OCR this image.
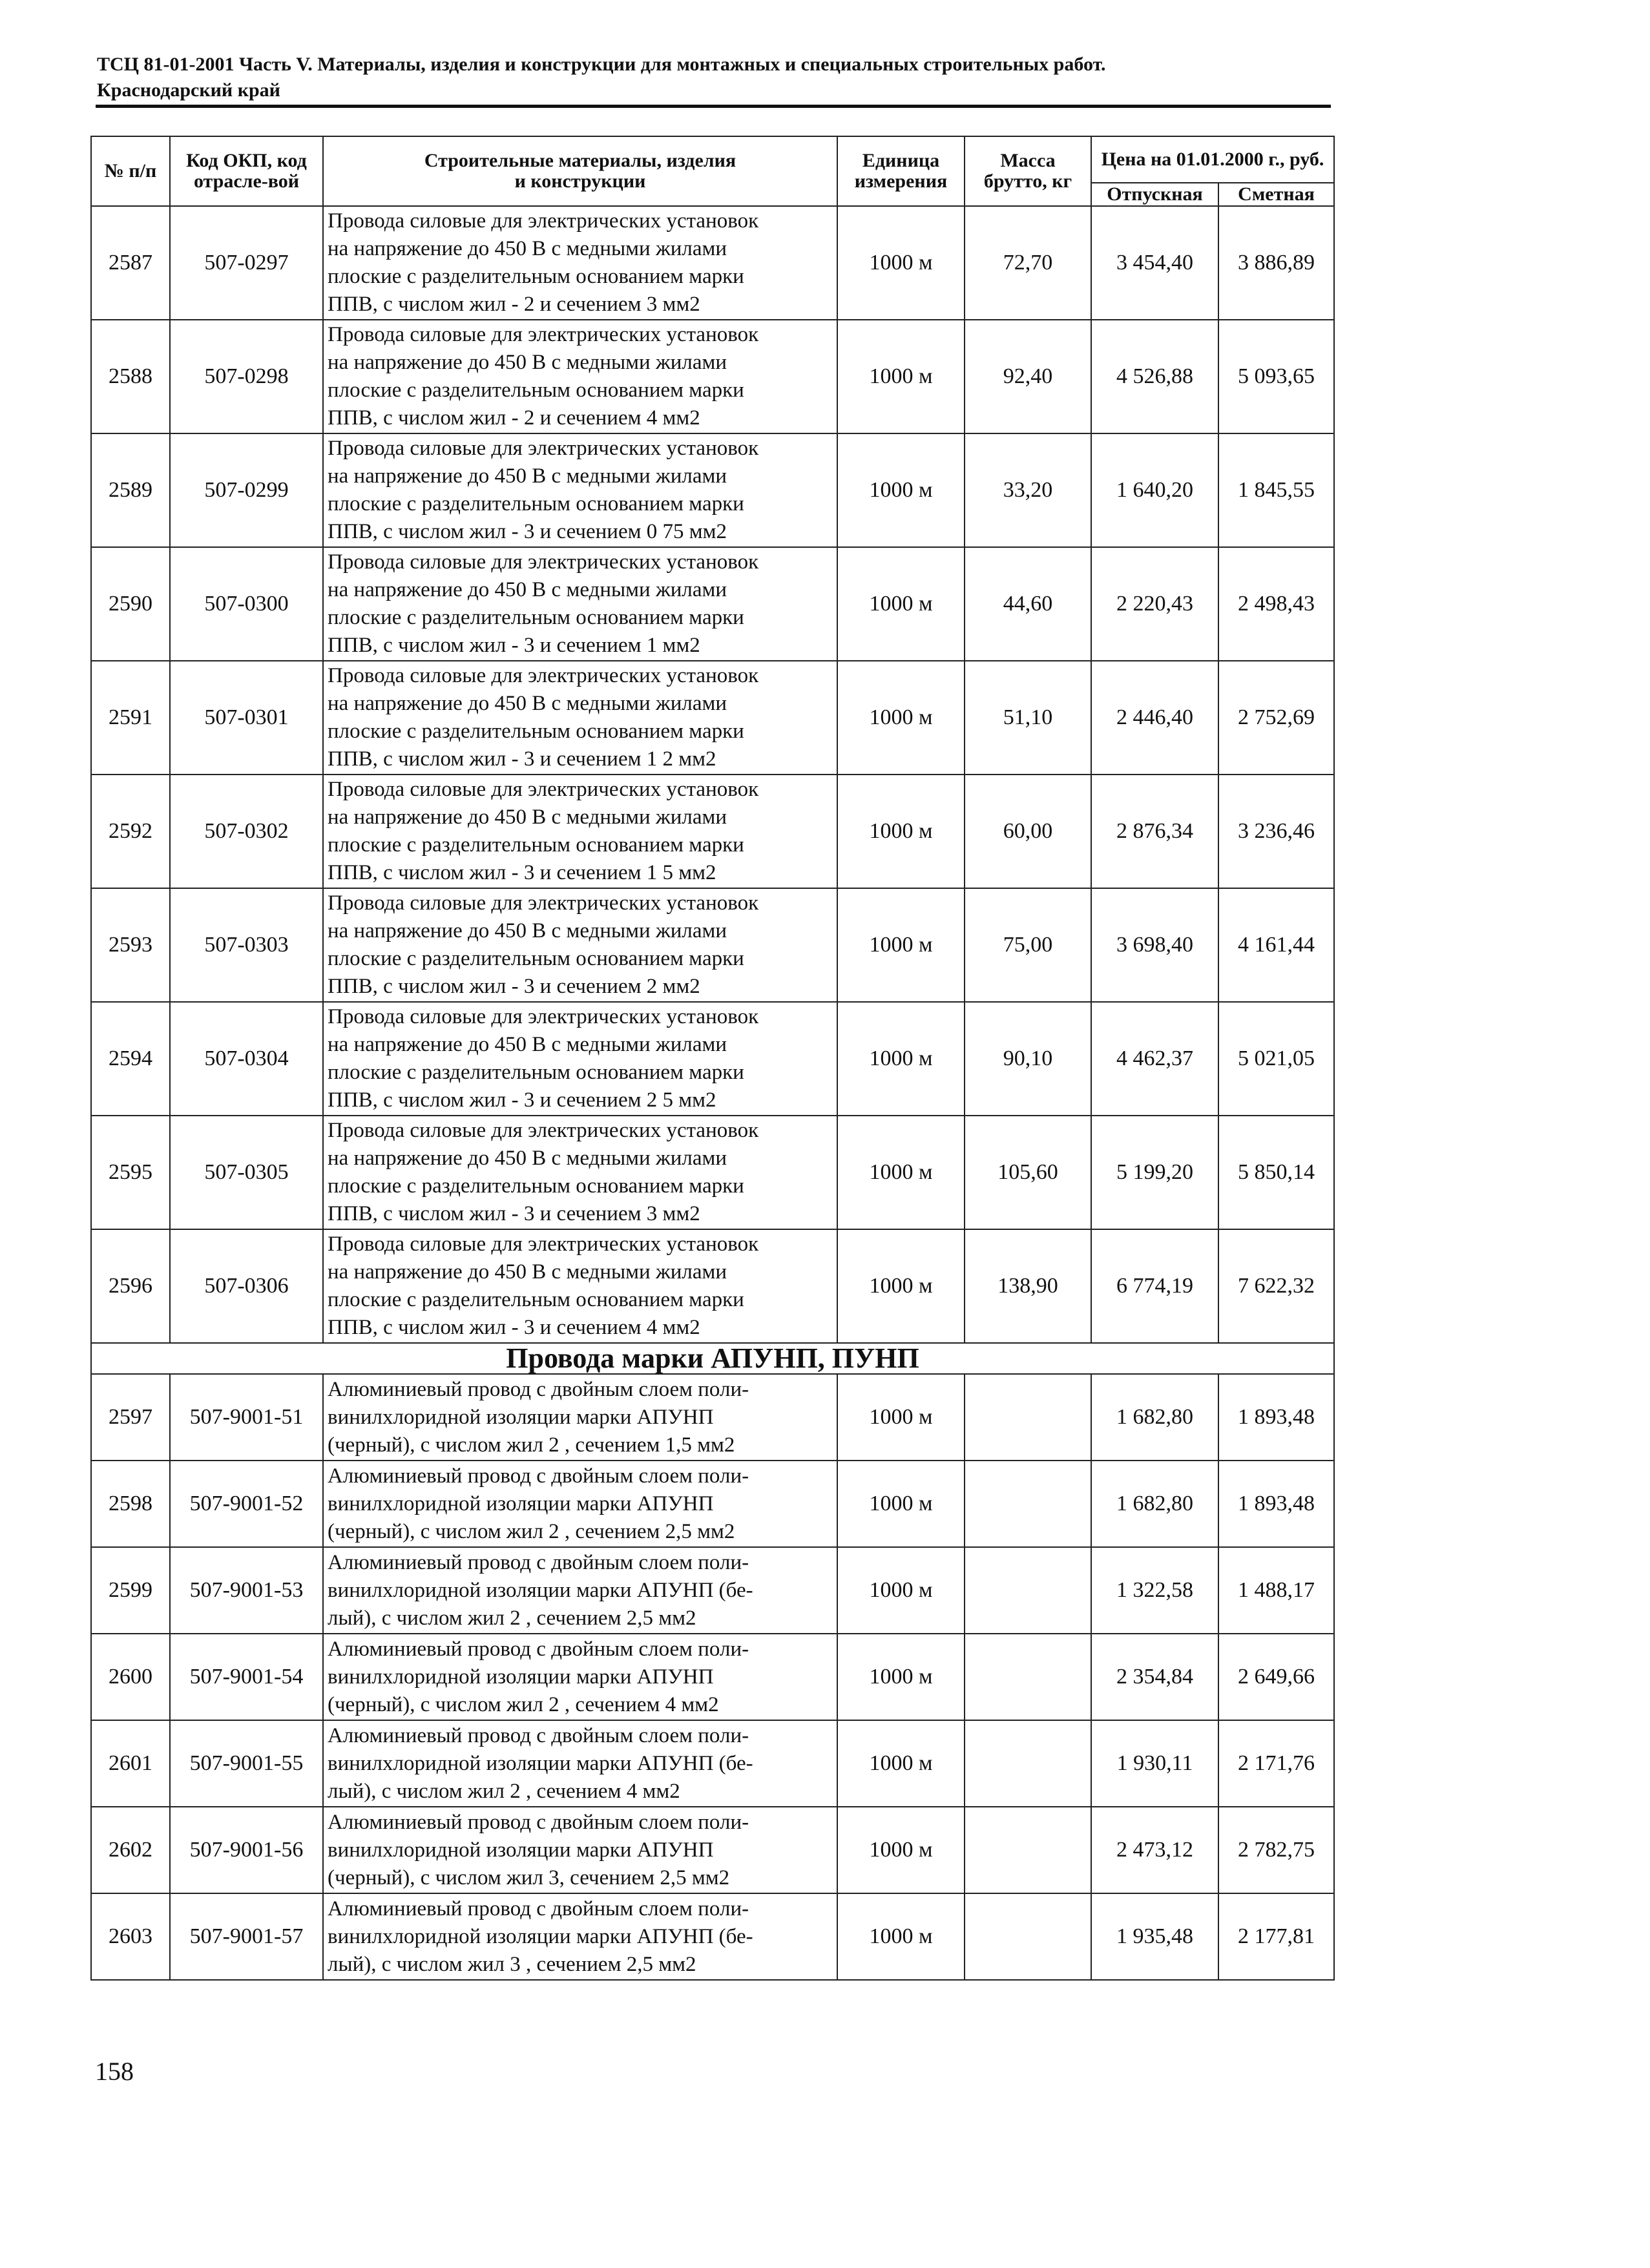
ТСЦ 81-01-2001 Часть V. Материалы, изделия и конструкции для монтажных и специальных строительных работ.
Краснодарский край
№ п/п	Код ОКП, код отрасле-вой	Строительные материалы, изделия
и конструкции	Единица измерения	Масса брутто, кг	Цена на 01.01.2000 г., руб.	
					Отпускная	Сметная
2587	507-0297	Провода силовые для электрических установок
на напряжение до 450 В с медными жилами
плоские с разделительным основанием марки
ППВ, с числом жил - 2 и сечением 3 мм2	1000 м	72,70	3 454,40	3 886,89
2588	507-0298	Провода силовые для электрических установок
на напряжение до 450 В с медными жилами
плоские с разделительным основанием марки
ППВ, с числом жил - 2 и сечением 4 мм2	1000 м	92,40	4 526,88	5 093,65
2589	507-0299	Провода силовые для электрических установок
на напряжение до 450 В с медными жилами
плоские с разделительным основанием марки
ППВ, с числом жил - 3 и сечением 0 75 мм2	1000 м	33,20	1 640,20	1 845,55
2590	507-0300	Провода силовые для электрических установок
на напряжение до 450 В с медными жилами
плоские с разделительным основанием марки
ППВ, с числом жил - 3 и сечением 1 мм2	1000 м	44,60	2 220,43	2 498,43
2591	507-0301	Провода силовые для электрических установок
на напряжение до 450 В с медными жилами
плоские с разделительным основанием марки
ППВ, с числом жил - 3 и сечением 1 2 мм2	1000 м	51,10	2 446,40	2 752,69
2592	507-0302	Провода силовые для электрических установок
на напряжение до 450 В с медными жилами
плоские с разделительным основанием марки
ППВ, с числом жил - 3 и сечением 1 5 мм2	1000 м	60,00	2 876,34	3 236,46
2593	507-0303	Провода силовые для электрических установок
на напряжение до 450 В с медными жилами
плоские с разделительным основанием марки
ППВ, с числом жил - 3 и сечением 2 мм2	1000 м	75,00	3 698,40	4 161,44
2594	507-0304	Провода силовые для электрических установок
на напряжение до 450 В с медными жилами
плоские с разделительным основанием марки
ППВ, с числом жил - 3 и сечением 2 5 мм2	1000 м	90,10	4 462,37	5 021,05
2595	507-0305	Провода силовые для электрических установок
на напряжение до 450 В с медными жилами
плоские с разделительным основанием марки
ППВ, с числом жил - 3 и сечением 3 мм2	1000 м	105,60	5 199,20	5 850,14
2596	507-0306	Провода силовые для электрических установок
на напряжение до 450 В с медными жилами
плоские с разделительным основанием марки
ППВ, с числом жил - 3 и сечением 4 мм2	1000 м	138,90	6 774,19	7 622,32
Провода марки АПУНП, ПУНП						
2597	507-9001-51	Алюминиевый провод с двойным слоем поли-
винилхлоридной изоляции марки АПУНП
(черный), с числом жил 2 , сечением 1,5 мм2	1000 м		1 682,80	1 893,48
2598	507-9001-52	Алюминиевый провод с двойным слоем поли-
винилхлоридной изоляции марки АПУНП
(черный), с числом жил 2 , сечением 2,5 мм2	1000 м		1 682,80	1 893,48
2599	507-9001-53	Алюминиевый провод с двойным слоем поли-
винилхлоридной изоляции марки АПУНП (бе-
лый), с числом жил 2 , сечением 2,5 мм2	1000 м		1 322,58	1 488,17
2600	507-9001-54	Алюминиевый провод с двойным слоем поли-
винилхлоридной изоляции марки АПУНП
(черный), с числом жил 2 , сечением 4 мм2	1000 м		2 354,84	2 649,66
2601	507-9001-55	Алюминиевый провод с двойным слоем поли-
винилхлоридной изоляции марки АПУНП (бе-
лый), с числом жил 2 , сечением 4 мм2	1000 м		1 930,11	2 171,76
2602	507-9001-56	Алюминиевый провод с двойным слоем поли-
винилхлоридной изоляции марки АПУНП
(черный), с числом жил 3, сечением 2,5 мм2	1000 м		2 473,12	2 782,75
2603	507-9001-57	Алюминиевый провод с двойным слоем поли-
винилхлоридной изоляции марки АПУНП (бе-
лый), с числом жил 3 , сечением 2,5 мм2	1000 м		1 935,48	2 177,81
158
